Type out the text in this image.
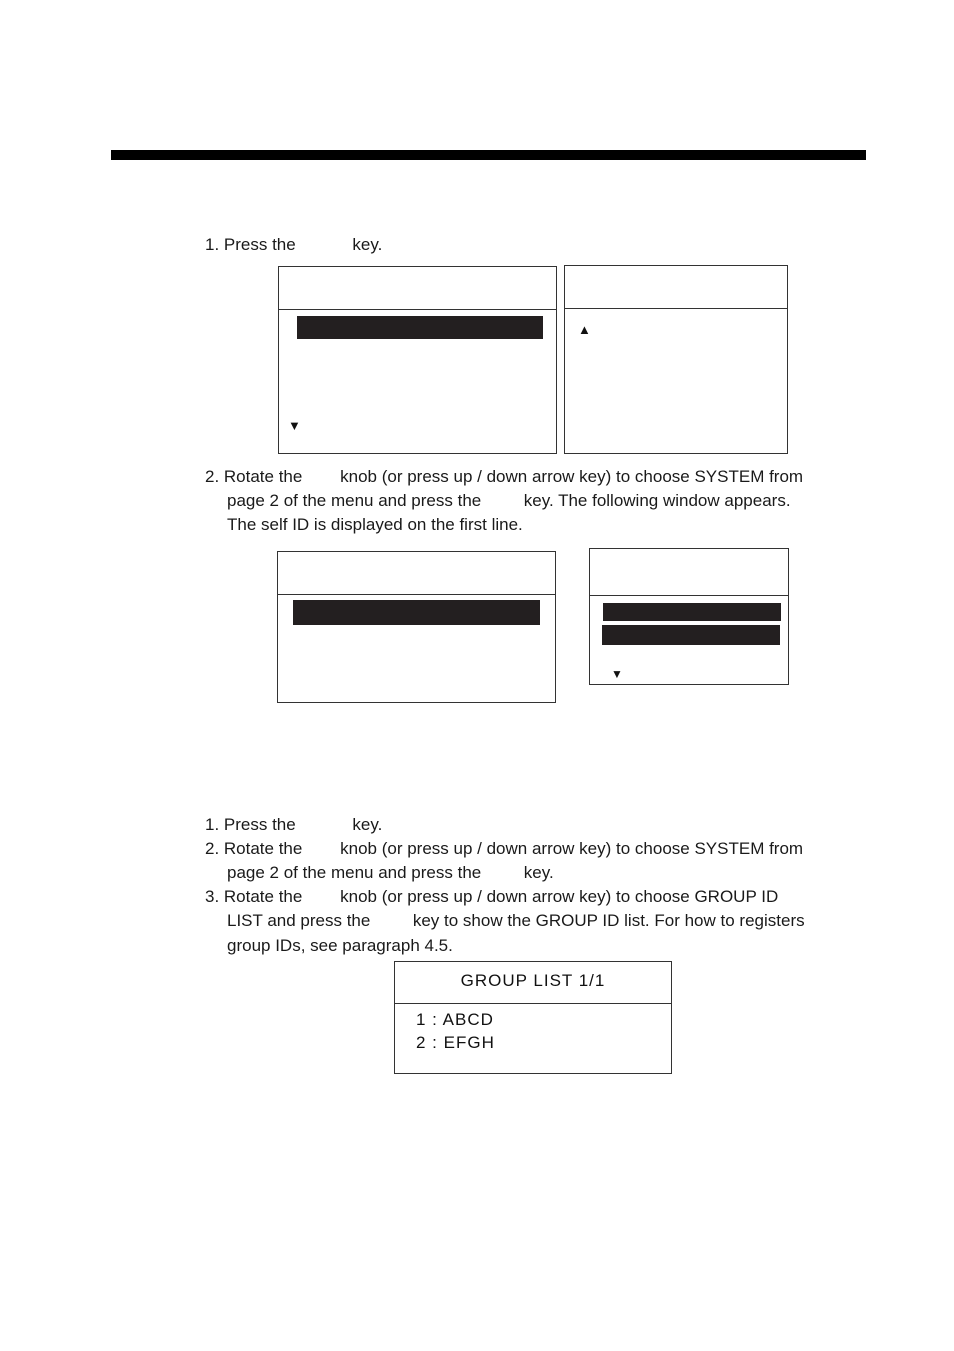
1. Press the            key.
▼
▲
2. Rotate the        knob (or press up / down arrow key) to choose SYSTEM from
page 2 of the menu and press the         key. The following window appears.
The self ID is displayed on the first line.
▼
1. Press the            key.
2. Rotate the        knob (or press up / down arrow key) to choose SYSTEM from
page 2 of the menu and press the         key.
3. Rotate the        knob (or press up / down arrow key) to choose GROUP ID
LIST and press the         key to show the GROUP ID list. For how to registers
group IDs, see paragraph 4.5.
GROUP LIST 1/1
1 : ABCD
2 : EFGH
